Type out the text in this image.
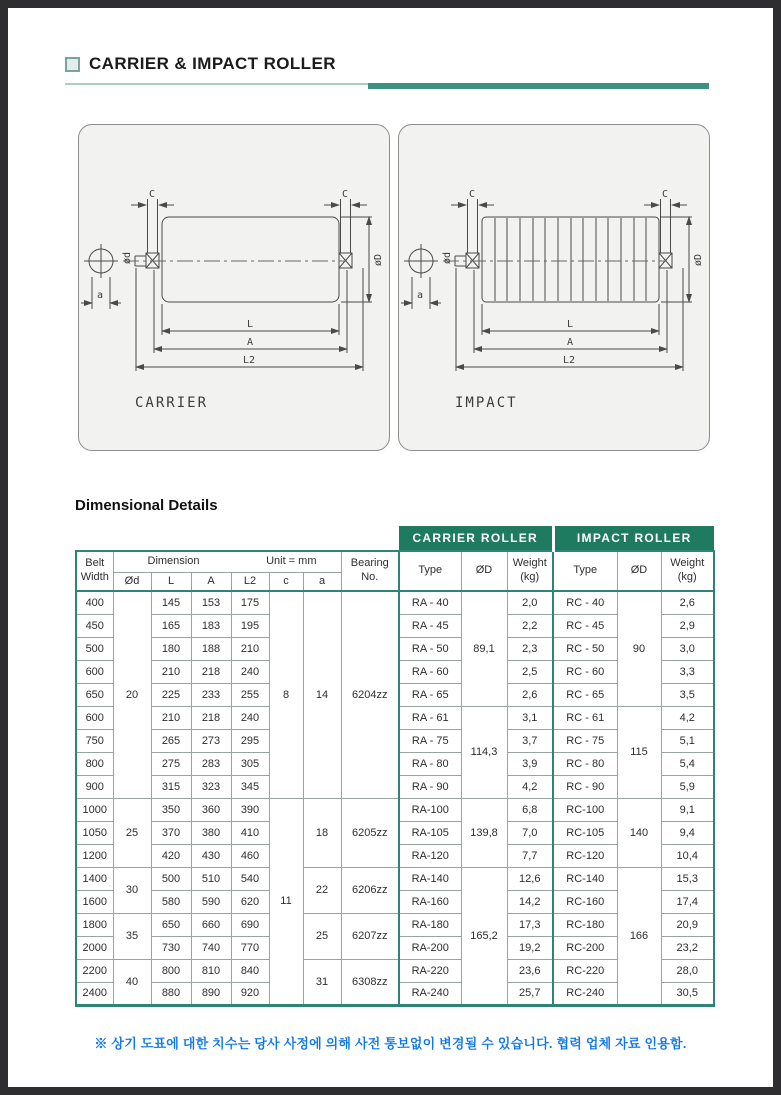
CARRIER & IMPACT ROLLER
C	C
ød	øD
a
L
A
L2
CARRIER
C	C
ød	øD
a
L
A
L2
IMPACT
Dimensional Details
								CARRIER ROLLER			IMPACT ROLLER		
Belt Width	Dimension Unit = mm						Bearing No.	Type	ØD	Weight (kg)	Type	ØD	Weight (kg)
	Ød	L	A	L2	c	a							
400	20	145	153	175	8	14	6204zz	RA - 40	89,1	2,0	RC - 40	90	2,6
450		165	183	195				RA - 45		2,2	RC - 45		2,9
500		180	188	210				RA - 50		2,3	RC - 50		3,0
600		210	218	240				RA - 60		2,5	RC - 60		3,3
650		225	233	255				RA - 65		2,6	RC - 65		3,5
600		210	218	240				RA - 61	114,3	3,1	RC - 61	115	4,2
750		265	273	295				RA - 75		3,7	RC - 75		5,1
800		275	283	305				RA - 80		3,9	RC - 80		5,4
900		315	323	345				RA - 90		4,2	RC - 90		5,9
1000	25	350	360	390	11	18	6205zz	RA-100	139,8	6,8	RC-100	140	9,1
1050		370	380	410				RA-105		7,0	RC-105		9,4
1200		420	430	460				RA-120		7,7	RC-120		10,4
1400	30	500	510	540		22	6206zz	RA-140	165,2	12,6	RC-140	166	15,3
1600		580	590	620				RA-160		14,2	RC-160		17,4
1800	35	650	660	690		25	6207zz	RA-180		17,3	RC-180		20,9
2000		730	740	770				RA-200		19,2	RC-200		23,2
2200	40	800	810	840		31	6308zz	RA-220		23,6	RC-220		28,0
2400		880	890	920				RA-240		25,7	RC-240		30,5

※ 상기 도표에 대한 치수는 당사 사정에 의해 사전 통보없이 변경될 수 있습니다. 협력 업체 자료 인용함.
